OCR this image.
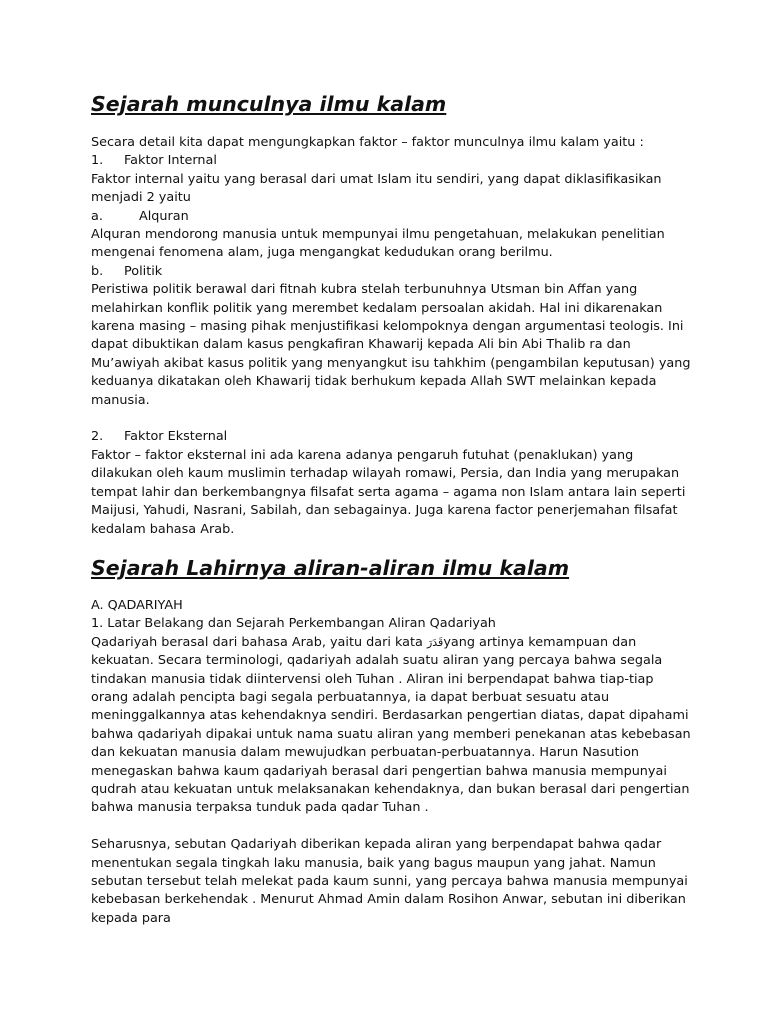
Sejarah munculnya ilmu kalam

Secara detail kita dapat mengungkapkan faktor – faktor munculnya ilmu kalam yaitu :

1. Faktor Internal

Faktor internal yaitu yang berasal dari umat Islam itu sendiri, yang dapat diklasifikasikan menjadi 2 yaitu

a.	Alquran

Alquran mendorong manusia untuk mempunyai ilmu pengetahuan, melakukan penelitian mengenai fenomena alam, juga mengangkat kedudukan orang berilmu.

b. Politik

Peristiwa politik berawal dari fitnah kubra stelah terbunuhnya Utsman bin Affan yang melahirkan konflik politik yang merembet kedalam persoalan akidah. Hal ini dikarenakan karena masing – masing pihak menjustifikasi kelompoknya dengan argumentasi teologis. Ini dapat dibuktikan dalam kasus pengkafiran Khawarij kepada Ali bin Abi Thalib ra dan Mu’awiyah akibat kasus politik yang menyangkut isu tahkhim (pengambilan keputusan) yang keduanya dikatakan oleh Khawarij tidak berhukum kepada Allah SWT melainkan kepada manusia.

2. Faktor Eksternal

Faktor – faktor eksternal ini ada karena adanya pengaruh futuhat (penaklukan) yang dilakukan oleh kaum muslimin terhadap wilayah romawi, Persia, dan India yang merupakan tempat lahir dan berkembangnya filsafat serta agama – agama non Islam antara lain seperti Maijusi, Yahudi, Nasrani, Sabilah, dan sebagainya. Juga karena factor penerjemahan filsafat kedalam bahasa Arab.

Sejarah Lahirnya aliran-aliran ilmu kalam

A. QADARIYAH

1. Latar Belakang dan Sejarah Perkembangan Aliran Qadariyah

Qadariyah berasal dari bahasa Arab, yaitu dari kata قَدَرَyang artinya kemampuan dan kekuatan. Secara terminologi, qadariyah adalah suatu aliran yang percaya bahwa segala tindakan manusia tidak diintervensi oleh Tuhan . Aliran ini berpendapat bahwa tiap-tiap orang adalah pencipta bagi segala perbuatannya, ia dapat berbuat sesuatu atau meninggalkannya atas kehendaknya sendiri. Berdasarkan pengertian diatas, dapat dipahami bahwa qadariyah dipakai untuk nama suatu aliran yang memberi penekanan atas kebebasan dan kekuatan manusia dalam mewujudkan perbuatan-perbuatannya. Harun Nasution menegaskan bahwa kaum qadariyah berasal dari pengertian bahwa manusia mempunyai qudrah atau kekuatan untuk melaksanakan kehendaknya, dan bukan berasal dari pengertian bahwa manusia terpaksa tunduk pada qadar Tuhan .

Seharusnya, sebutan Qadariyah diberikan kepada aliran yang berpendapat bahwa qadar menentukan segala tingkah laku manusia, baik yang bagus maupun yang jahat. Namun sebutan tersebut telah melekat pada kaum sunni, yang percaya bahwa manusia mempunyai kebebasan berkehendak . Menurut Ahmad Amin dalam Rosihon Anwar, sebutan ini diberikan kepada para
